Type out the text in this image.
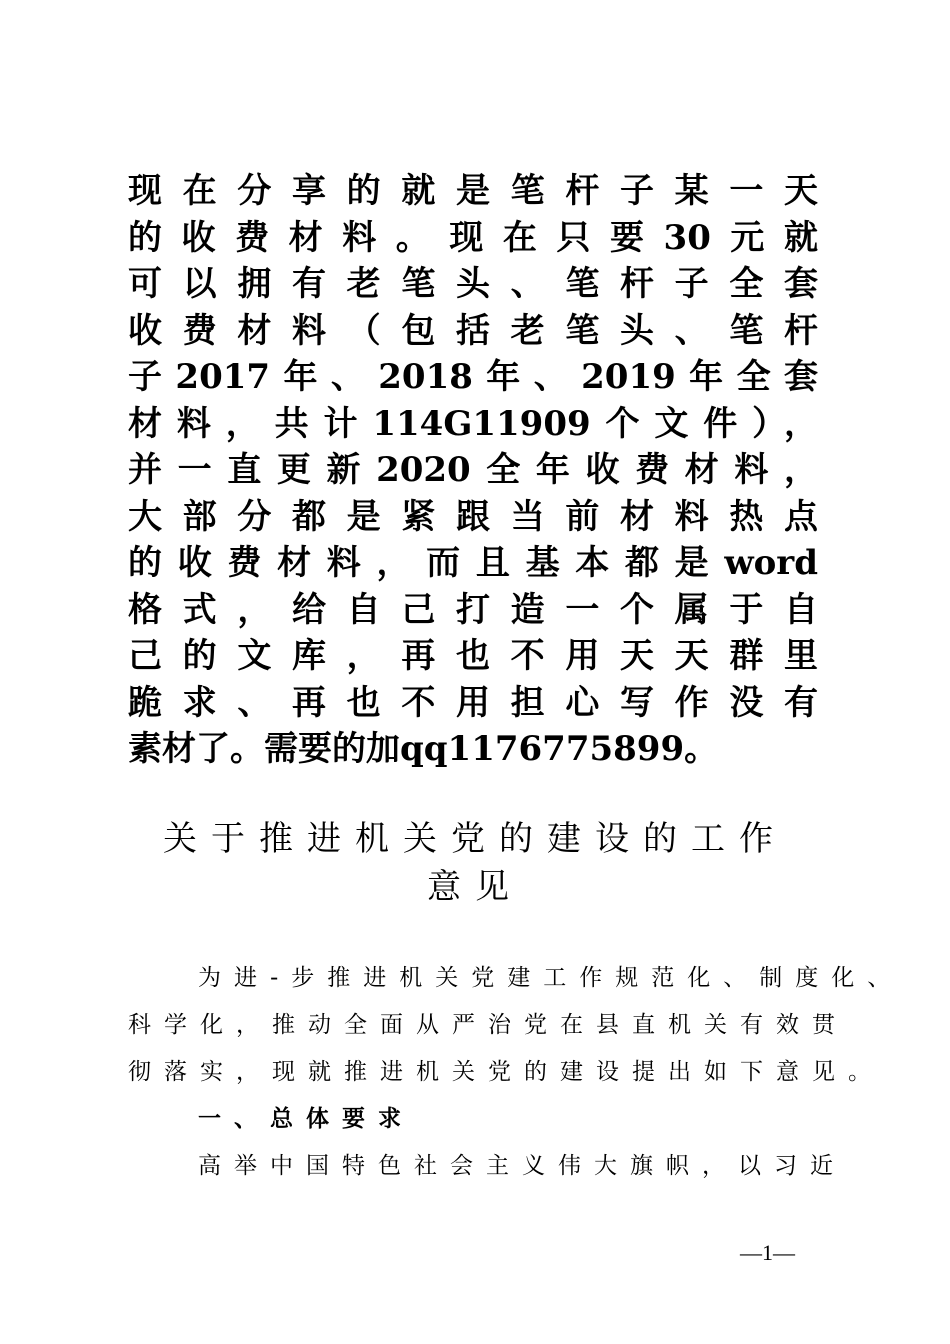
现在分享的就是笔杆子某一天
的收费材料。现在只要30元就
可以拥有老笔头、笔杆子全套
收费材料（包括老笔头、笔杆
子2017年、2018年、2019年全套
材料，共计114G11909个文件），
并一直更新2020全年收费材料，
大部分都是紧跟当前材料热点
的收费材料，而且基本都是word
格式，给自己打造一个属于自
己的文库，再也不用天天群里
跪求、再也不用担心写作没有
素材了。需要的加qq1176775899。
关于推进机关党的建设的工作
意见
为进-步推进机关党建工作规范化、制度化、
科学化，推动全面从严治党在县直机关有效贯
彻落实，现就推进机关党的建设提出如下意见。
一、总体要求
高举中国特色社会主义伟大旗帜，以习近
—1—
